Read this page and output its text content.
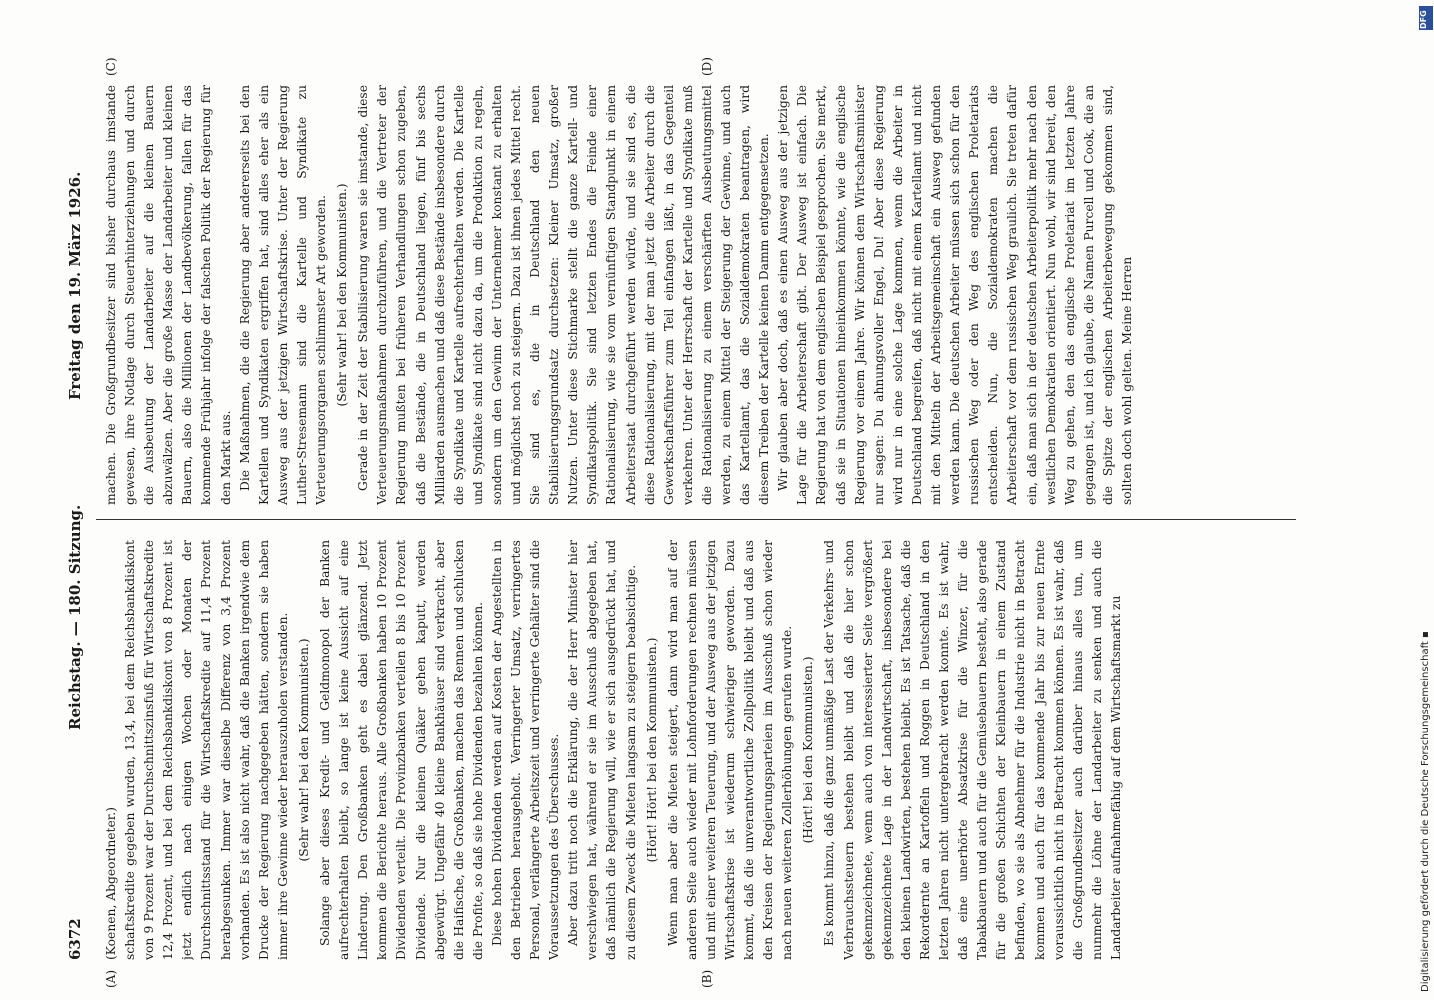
6372
Reichstag. — 180. Sitzung.
Freitag den 19. März 1926.
(A)	(B)
(C)	(D)

(Koenen, Abgeordneter.) schaftskredite gegeben wurden, 13,4, bei dem Reichsbankdiskont von 9 Prozent war der Durchschnittszinsfuß für Wirtschaftskredite 12,4 Prozent, und bei dem Reichsbankdiskont von 8 Prozent ist jetzt endlich nach einigen Wochen oder Monaten der Durchschnittsstand für die Wirtschaftskredite auf 11,4 Prozent herabgesunken. Immer war dieselbe Differenz von 3,4 Prozent vorhanden. Es ist also nicht wahr, daß die Banken irgendwie dem Drucke der Regierung nachgegeben hätten, sondern sie haben immer ihre Gewinne wieder herauszuholen verstanden. (Sehr wahr! bei den Kommunisten.) Solange aber dieses Kredit- und Geldmonopol der Banken aufrechterhalten bleibt, so lange ist keine Aussicht auf eine Linderung. Den Großbanken geht es dabei glänzend. Jetzt kommen die Berichte heraus. Alle Großbanken haben 10 Prozent Dividenden verteilt. Die Provinzbanken verteilen 8 bis 10 Prozent Dividende. Nur die kleinen Quäker gehen kaputt, werden abgewürgt. Ungefähr 40 kleine Bankhäuser sind verkracht, aber die Haifische, die Großbanken, machen das Rennen und schlucken die Profite, so daß sie hohe Dividenden bezahlen können. Diese hohen Dividenden werden auf Kosten der Angestellten in den Betrieben herausgeholt. Verringerter Umsatz, verringertes Personal, verlängerte Arbeitszeit und verringerte Gehälter sind die Voraussetzungen des Überschusses. Aber dazu tritt noch die Erklärung, die der Herr Minister hier verschwiegen hat, während er sie im Ausschuß abgegeben hat, daß nämlich die Regierung will, wie er sich ausgedrückt hat, und zu diesem Zweck die Mieten langsam zu steigern beabsichtige. (Hört! Hört! bei den Kommunisten.) Wenn man aber die Mieten steigert, dann wird man auf der anderen Seite auch wieder mit Lohnforderungen rechnen müssen und mit einer weiteren Teuerung, und der Ausweg aus der jetzigen Wirtschaftskrise ist wiederum schwieriger geworden. Dazu kommt, daß die unverantwortliche Zollpolitik bleibt und daß aus den Kreisen der Regierungsparteien im Ausschuß schon wieder nach neuen weiteren Zollerhöhungen gerufen wurde. (Hört! bei den Kommunisten.) Es kommt hinzu, daß die ganz unmäßige Last der Verkehrs- und Verbrauchssteuern bestehen bleibt und daß die hier schon gekennzeichnete, wenn auch von interessierter Seite vergrößert gekennzeichnete Lage in der Landwirtschaft, insbesondere bei den kleinen Landwirten, bestehen bleibt. Es ist Tatsache, daß die Rekordernte an Kartoffeln und Roggen in Deutschland in den letzten Jahren nicht untergebracht werden konnte. Es ist wahr, daß eine unerhörte Absatzkrise für die Winzer, für die Tabakbauern und auch für die Gemüsebauern besteht, also gerade für die großen Schichten der Kleinbauern in einem Zustand befinden, wo sie als Abnehmer für die Industrie nicht in Betracht kommen und auch für das kommende Jahr bis zur neuen Ernte voraussichtlich nicht in Betracht kommen können. Es ist wahr, daß die Großgrundbesitzer auch darüber hinaus alles tun, um nunmehr die Löhne der Landarbeiter zu senken und auch die Landarbeiter aufnahmefähig auf dem Wirtschaftsmarkt zu

machen. Die Großgrundbesitzer sind bisher durchaus imstande gewesen, ihre Notlage durch Steuerhinterziehungen und durch die Ausbeutung der Landarbeiter auf die kleinen Bauern abzuwälzen. Aber die große Masse der Landarbeiter und kleinen Bauern, also die Millionen der Landbevölkerung, fallen für das kommende Frühjahr infolge der falschen Politik der Regierung für den Markt aus. Die Maßnahmen, die die Regierung aber andererseits bei den Kartellen und Syndikaten ergriffen hat, sind alles eher als ein Ausweg aus der jetzigen Wirtschaftskrise. Unter der Regierung Luther-Stresemann sind die Kartelle und Syndikate zu Verteuerungsorganen schlimmster Art geworden. (Sehr wahr! bei den Kommunisten.) Gerade in der Zeit der Stabilisierung waren sie imstande, diese Verteuerungsmaßnahmen durchzuführen, und die Vertreter der Regierung mußten bei früheren Verhandlungen schon zugeben, daß die Bestände, die in Deutschland liegen, fünf bis sechs Milliarden ausmachen und daß diese Bestände insbesondere durch die Syndikate und Kartelle aufrechterhalten werden. Die Kartelle und Syndikate sind nicht dazu da, um die Produktion zu regeln, sondern um den Gewinn der Unternehmer konstant zu erhalten und möglichst noch zu steigern. Dazu ist ihnen jedes Mittel recht. Sie sind es, die in Deutschland den neuen Stabilisierungsgrundsatz durchsetzen: Kleiner Umsatz, großer Nutzen. Unter diese Stichmarke stellt die ganze Kartell- und Syndikatspolitik. Sie sind letzten Endes die Feinde einer Rationalisierung, wie sie vom vernünftigen Standpunkt in einem Arbeiterstaat durchgeführt werden würde, und sie sind es, die diese Rationalisierung, mit der man jetzt die Arbeiter durch die Gewerkschaftsführer zum Teil einfangen läßt, in das Gegenteil verkehren. Unter der Herrschaft der Kartelle und Syndikate muß die Rationalisierung zu einem verschärften Ausbeutungsmittel werden, zu einem Mittel der Steigerung der Gewinne, und auch das Kartellamt, das die Sozialdemokraten beantragen, wird diesem Treiben der Kartelle keinen Damm entgegensetzen. Wir glauben aber doch, daß es einen Ausweg aus der jetzigen Lage für die Arbeiterschaft gibt. Der Ausweg ist einfach. Die Regierung hat von dem englischen Beispiel gesprochen. Sie merkt, daß sie in Situationen hineinkommen könnte, wie die englische Regierung vor einem Jahre. Wir können dem Wirtschaftsminister nur sagen: Du ahnungsvoller Engel, Du! Aber diese Regierung wird nur in eine solche Lage kommen, wenn die Arbeiter in Deutschland begreifen, daß nicht mit einem Kartellamt und nicht mit den Mitteln der Arbeitsgemeinschaft ein Ausweg gefunden werden kann. Die deutschen Arbeiter müssen sich schon für den russischen Weg oder den Weg des englischen Proletariats entscheiden. Nun, die Sozialdemokraten machen die Arbeiterschaft vor dem russischen Weg graulich. Sie treten dafür ein, daß man sich in der deutschen Arbeiterpolitik mehr nach den westlichen Demokratien orientiert. Nun wohl, wir sind bereit, den Weg zu gehen, den das englische Proletariat im letzten Jahre gegangen ist, und ich glaube, die Namen Purcell und Cook, die an die Spitze der englischen Arbeiterbewegung gekommen sind, sollten doch wohl gelten. Meine Herren

Digitalisierung gefördert durch die Deutsche Forschungsgemeinschaft ▪
DFG
